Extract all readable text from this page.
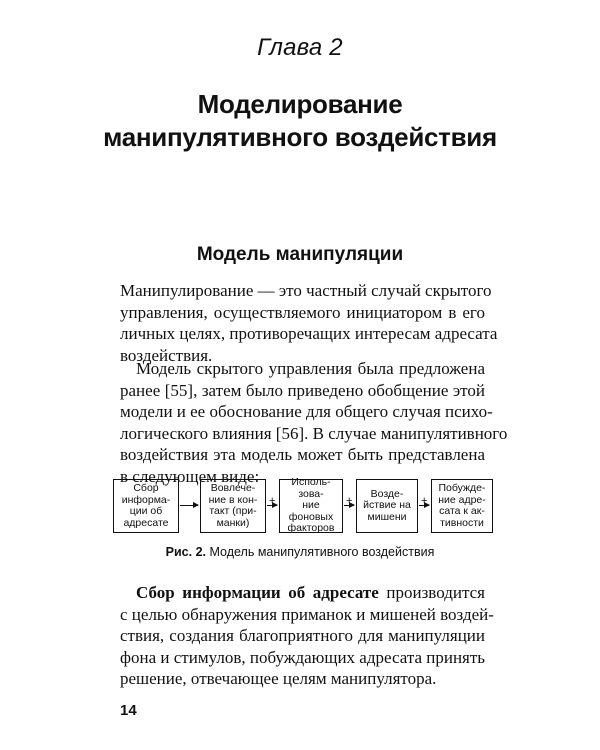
Глава 2
Моделирование
манипулятивного воздействия
Модель манипуляции

Манипулирование — это частный случай скрытого
управления, осуществляемого инициатором в его
личных целях, противоречащих интересам адресата
воздействия.

Модель скрытого управления была предложена
ранее [55], затем было приведено обобщение этой
модели и ее обоснование для общего случая психо-
логического влияния [56]. В случае манипулятивного
воздействия эта модель может быть представлена
в следующем виде:

Сбор
информа-
ции об
адресате
Вовлече-
ние в кон-
такт (при-
манки)
+
Исполь-
зова-
ние
фоновых
факторов
+
Возде-
йствие на
мишени
+
Побужде-
ние адре-
сата к ак-
тивности
Рис. 2. Модель манипулятивного воздействия

Сбор информации об адресате производится
с целью обнаружения приманок и мишеней воздей-
ствия, создания благоприятного для манипуляции
фона и стимулов, побуждающих адресата принять
решение, отвечающее целям манипулятора.

14
